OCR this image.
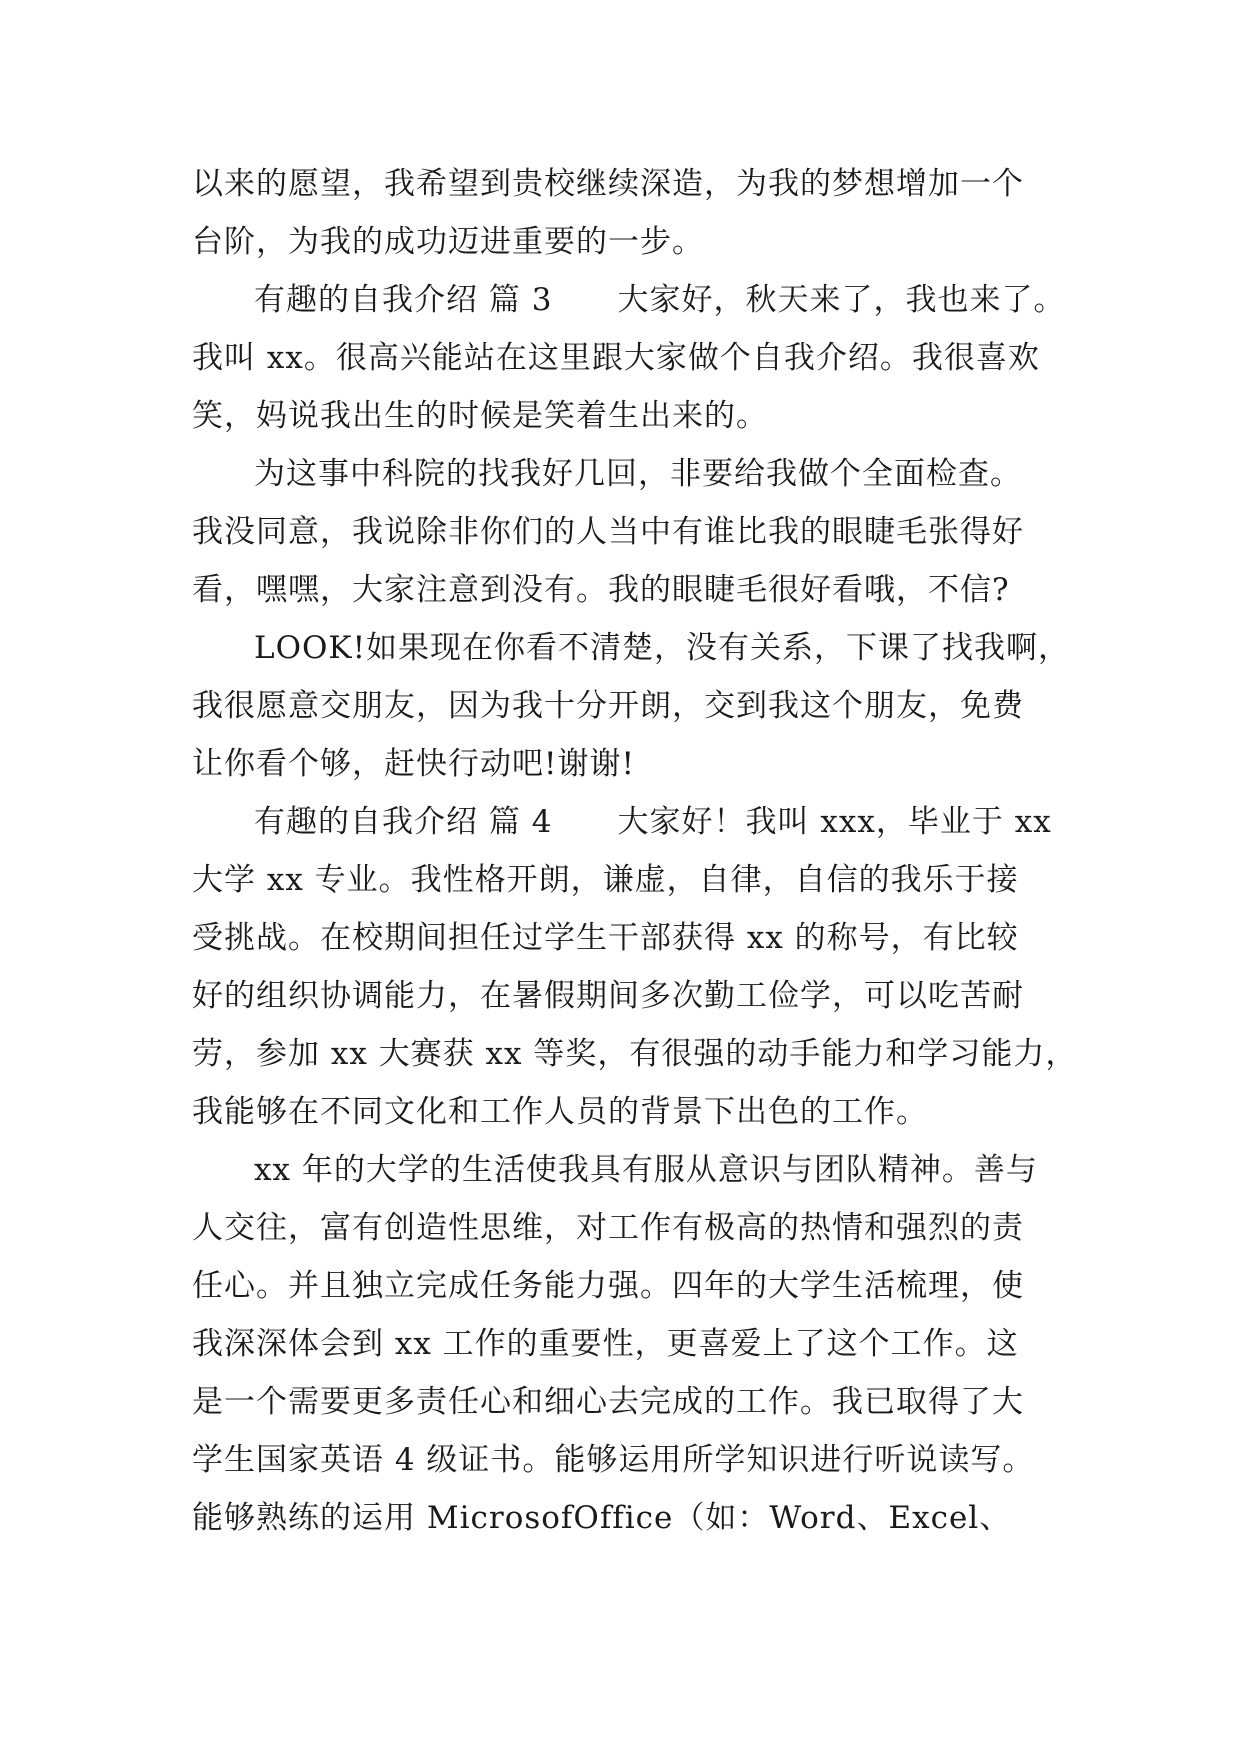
以来的愿望，我希望到贵校继续深造，为我的梦想增加一个
台阶，为我的成功迈进重要的一步。
有趣的自我介绍 篇 3      大家好，秋天来了，我也来了。
我叫 xx。很高兴能站在这里跟大家做个自我介绍。我很喜欢
笑，妈说我出生的时候是笑着生出来的。
为这事中科院的找我好几回，非要给我做个全面检查。
我没同意，我说除非你们的人当中有谁比我的眼睫毛张得好
看，嘿嘿，大家注意到没有。我的眼睫毛很好看哦，不信?
LOOK!如果现在你看不清楚，没有关系，下课了找我啊，
我很愿意交朋友，因为我十分开朗，交到我这个朋友，免费
让你看个够，赶快行动吧!谢谢!
有趣的自我介绍 篇 4      大家好！我叫 xxx，毕业于 xx
大学 xx 专业。我性格开朗，谦虚，自律，自信的我乐于接
受挑战。在校期间担任过学生干部获得 xx 的称号，有比较
好的组织协调能力，在暑假期间多次勤工俭学，可以吃苦耐
劳，参加 xx 大赛获 xx 等奖，有很强的动手能力和学习能力，
我能够在不同文化和工作人员的背景下出色的工作。
xx 年的大学的生活使我具有服从意识与团队精神。善与
人交往，富有创造性思维，对工作有极高的热情和强烈的责
任心。并且独立完成任务能力强。四年的大学生活梳理，使
我深深体会到 xx 工作的重要性，更喜爱上了这个工作。这
是一个需要更多责任心和细心去完成的工作。我已取得了大
学生国家英语 4 级证书。能够运用所学知识进行听说读写。
能够熟练的运用 MicrosofOffice（如：Word、Excel、
